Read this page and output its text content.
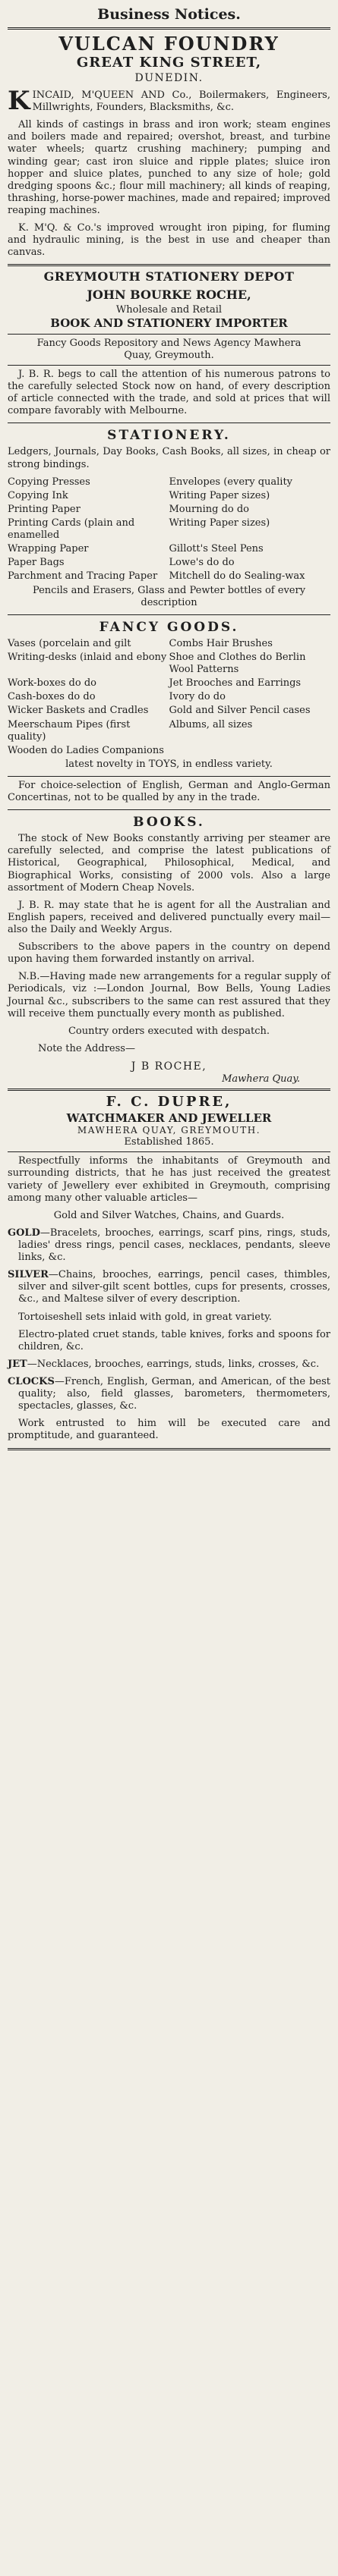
Business Notices.
VULCAN FOUNDRY
GREAT KING STREET,
DUNEDIN.

KINCAID, M'QUEEN AND Co., Boilermakers, Engineers, Millwrights, Founders, Blacksmiths, &c.

All kinds of castings in brass and iron work; steam engines and boilers made and repaired; overshot, breast, and turbine water wheels; quartz crushing machinery; pumping and winding gear; cast iron sluice and ripple plates; sluice iron hopper and sluice plates, punched to any size of hole; gold dredging spoons &c.; flour mill machinery; all kinds of reaping, thrashing, horse-power machines, made and repaired; improved reaping machines.

K. M'Q. & Co.'s improved wrought iron piping, for fluming and hydraulic mining, is the best in use and cheaper than canvas.

GREYMOUTH STATIONERY DEPOT
JOHN BOURKE ROCHE,
Wholesale and Retail
BOOK AND STATIONERY IMPORTER
Fancy Goods Repository and News Agency Mawhera Quay, Greymouth.

J. B. R. begs to call the attention of his numerous patrons to the carefully selected Stock now on hand, of every description of article connected with the trade, and sold at prices that will compare favorably with Melbourne.

STATIONERY.

Ledgers, Journals, Day Books, Cash Books, all sizes, in cheap or strong bindings.

Copying Presses	Envelopes (every quality
Copying Ink	Writing Paper sizes)
Printing Paper	Mourning do do
Printing Cards (plain and enamelled	Writing Paper sizes)
Wrapping Paper	Gillott's Steel Pens
Paper Bags	Lowe's do do
Parchment and Tracing Paper	Mitchell do do Sealing-wax

Pencils and Erasers, Glass and Pewter bottles of every description

FANCY GOODS.
Vases (porcelain and gilt	Combs Hair Brushes
Writing-desks (inlaid and ebony	Shoe and Clothes do Berlin Wool Patterns
Work-boxes do do	Jet Brooches and Earrings
Cash-boxes do do	Ivory do do
Wicker Baskets and Cradles	Gold and Silver Pencil cases
Meerschaum Pipes (first quality)	Albums, all sizes
Wooden do Ladies Companions	

latest novelty in TOYS, in endless variety.

For choice-selection of English, German and Anglo-German Concertinas, not to be qualled by any in the trade.

BOOKS.

The stock of New Books constantly arriving per steamer are carefully selected, and comprise the latest publications of Historical, Geographical, Philosophical, Medical, and Biographical Works, consisting of 2000 vols. Also a large assortment of Modern Cheap Novels.

J. B. R. may state that he is agent for all the Australian and English papers, received and delivered punctually every mail—also the Daily and Weekly Argus.

Subscribers to the above papers in the country on depend upon having them forwarded instantly on arrival.

N.B.—Having made new arrangements for a regular supply of Periodicals, viz :—London Journal, Bow Bells, Young Ladies Journal &c., subscribers to the same can rest assured that they will receive them punctually every month as published.

Country orders executed with despatch.

Note the Address—

J B ROCHE,
Mawhera Quay.
F. C. DUPRE,
WATCHMAKER AND JEWELLER
MAWHERA QUAY, GREYMOUTH.
Established 1865.

Respectfully informs the inhabitants of Greymouth and surrounding districts, that he has just received the greatest variety of Jewellery ever exhibited in Greymouth, comprising among many other valuable articles—

Gold and Silver Watches, Chains, and Guards.

GOLD—Bracelets, brooches, earrings, scarf pins, rings, studs, ladies' dress rings, pencil cases, necklaces, pendants, sleeve links, &c.

SILVER—Chains, brooches, earrings, pencil cases, thimbles, silver and silver-gilt scent bottles, cups for presents, crosses, &c., and Maltese silver of every description.

Tortoiseshell sets inlaid with gold, in great variety.

Electro-plated cruet stands, table knives, forks and spoons for children, &c.

JET—Necklaces, brooches, earrings, studs, links, crosses, &c.

CLOCKS—French, English, German, and American, of the best quality; also, field glasses, barometers, thermometers, spectacles, glasses, &c.

Work entrusted to him will be executed care and promptitude, and guaranteed.
